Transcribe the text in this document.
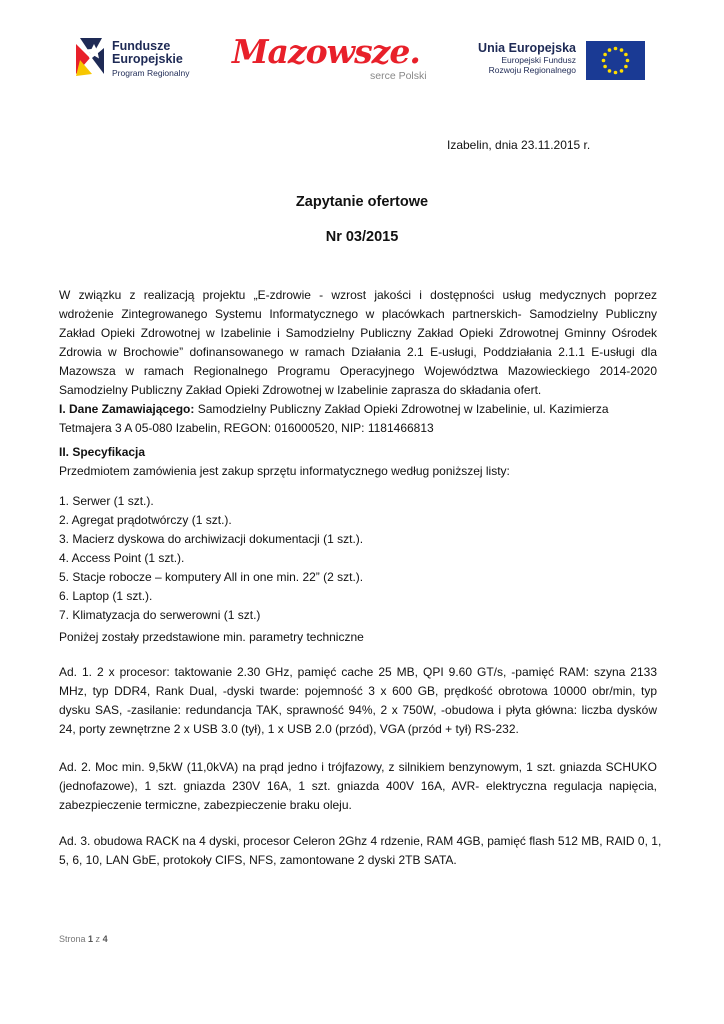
Fundusze
Europejskie
Program Regionalny
Mazowsze.
serce Polski
Unia Europejska
Europejski Fundusz
Rozwoju Regionalnego
Izabelin, dnia 23.11.2015 r.
Zapytanie ofertowe
Nr 03/2015
W związku z realizacją projektu „E-zdrowie - wzrost jakości i dostępności usług medycznych poprzez
wdrożenie Zintegrowanego Systemu Informatycznego w placówkach partnerskich- Samodzielny Publiczny
Zakład Opieki Zdrowotnej w Izabelinie i Samodzielny Publiczny Zakład Opieki Zdrowotnej Gminny Ośrodek
Zdrowia w Brochowie” dofinansowanego w ramach Działania 2.1 E-usługi, Poddziałania 2.1.1 E-usługi dla
Mazowsza w ramach Regionalnego Programu Operacyjnego Województwa Mazowieckiego 2014-2020
Samodzielny Publiczny Zakład Opieki Zdrowotnej w Izabelinie zaprasza do składania ofert.
I. Dane Zamawiającego: Samodzielny Publiczny Zakład Opieki Zdrowotnej w Izabelinie, ul. Kazimierza
Tetmajera 3 A 05-080 Izabelin, REGON: 016000520, NIP: 1181466813
II. Specyfikacja
Przedmiotem zamówienia jest zakup sprzętu informatycznego według poniższej listy:
1. Serwer (1 szt.).
2. Agregat prądotwórczy (1 szt.).
3. Macierz dyskowa do archiwizacji dokumentacji (1 szt.).
4. Access Point (1 szt.).
5. Stacje robocze – komputery All in one min. 22” (2 szt.).
6. Laptop (1 szt.).
7. Klimatyzacja do serwerowni (1 szt.)
Poniżej zostały przedstawione min. parametry techniczne
Ad. 1. 2 x procesor: taktowanie 2.30 GHz, pamięć cache 25 MB, QPI 9.60 GT/s, -pamięć RAM: szyna 2133
MHz, typ DDR4, Rank Dual, -dyski twarde: pojemność 3 x 600 GB, prędkość obrotowa 10000 obr/min, typ
dysku SAS, -zasilanie: redundancja TAK, sprawność 94%, 2 x 750W, -obudowa i płyta główna: liczba dysków
24, porty zewnętrzne 2 x USB 3.0 (tył), 1 x USB 2.0 (przód), VGA (przód + tył) RS-232.
Ad. 2. Moc min. 9,5kW (11,0kVA) na prąd jedno i trójfazowy, z silnikiem benzynowym, 1 szt. gniazda SCHUKO
(jednofazowe), 1 szt. gniazda 230V 16A, 1 szt. gniazda 400V 16A, AVR- elektryczna regulacja napięcia,
zabezpieczenie termiczne, zabezpieczenie braku oleju.
Ad. 3. obudowa RACK na 4 dyski, procesor Celeron 2Ghz 4 rdzenie, RAM 4GB, pamięć flash 512 MB, RAID 0, 1,
5, 6, 10, LAN GbE, protokoły CIFS, NFS, zamontowane 2 dyski 2TB SATA.
Strona 1 z 4
